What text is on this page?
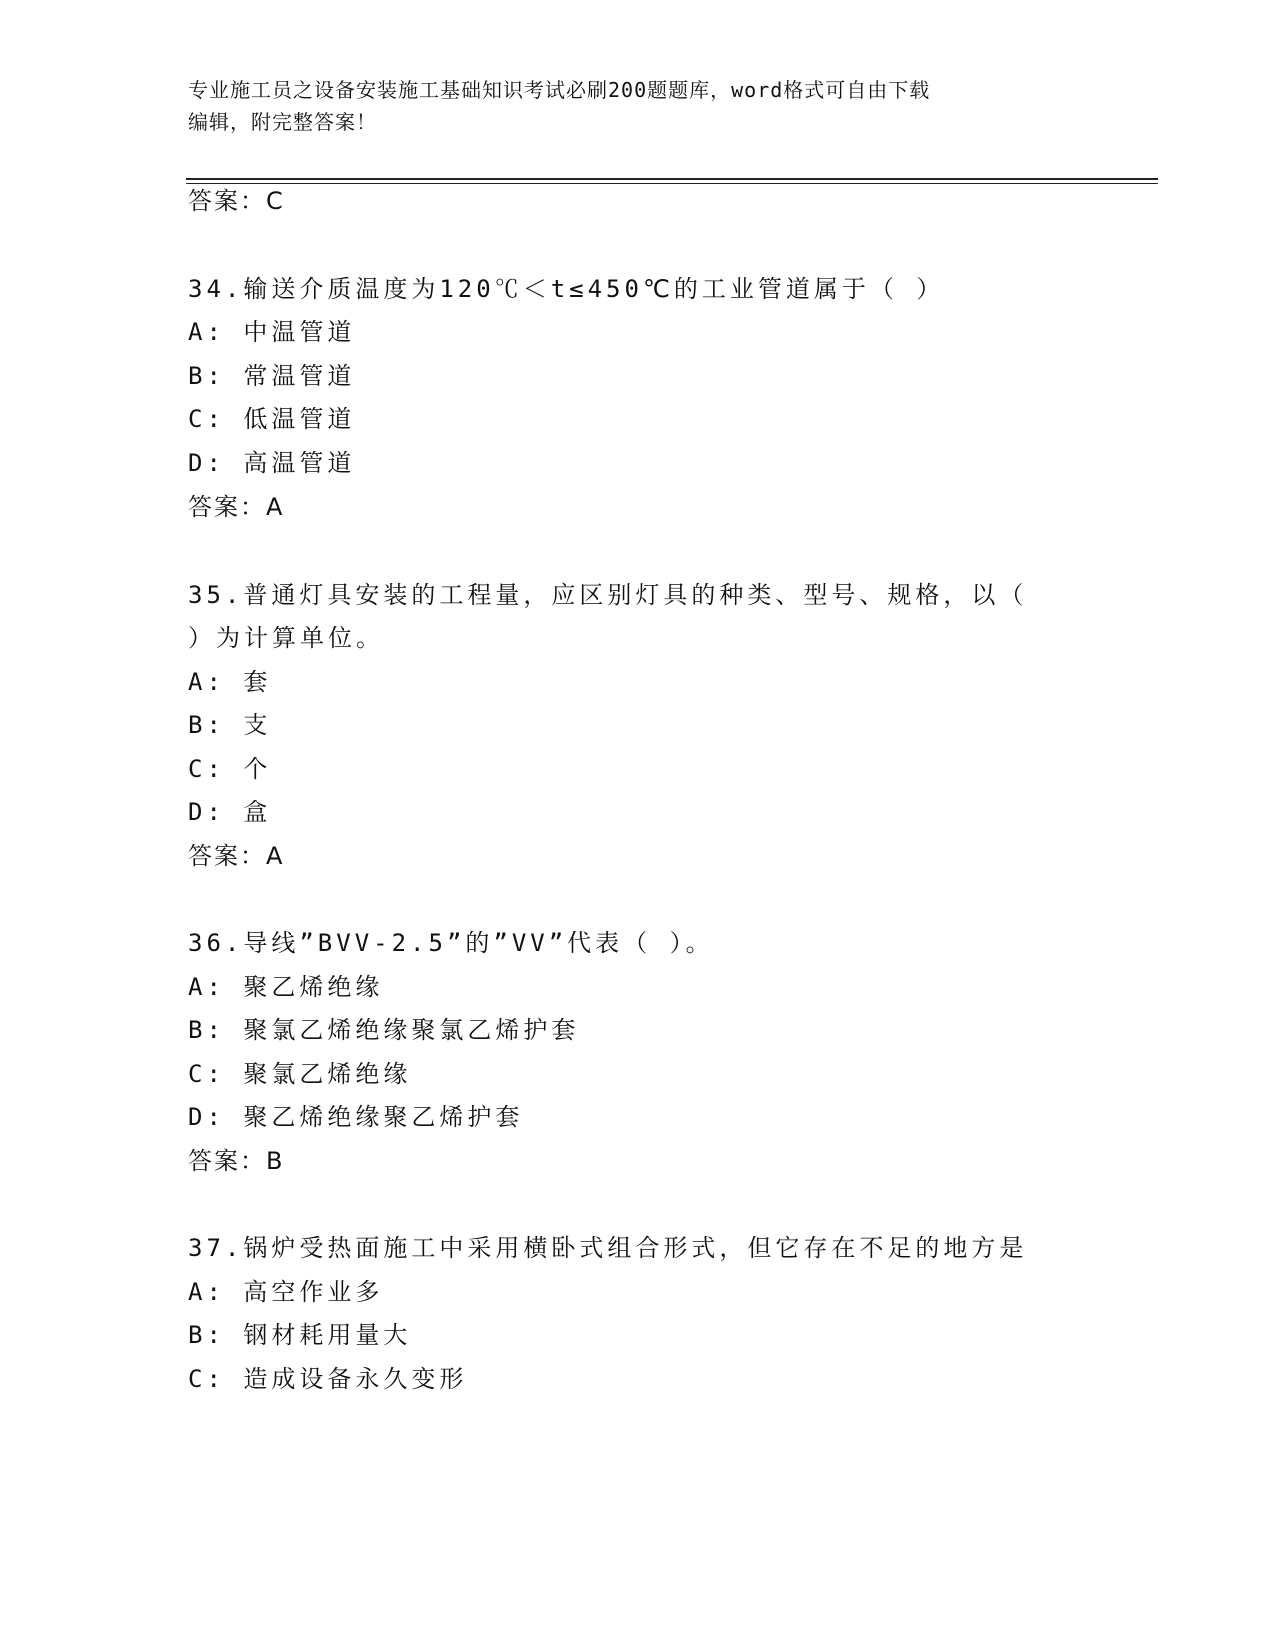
专业施工员之设备安装施工基础知识考试必刷200题题库，word格式可自由下载
编辑，附完整答案！
答案：C
34.输送介质温度为120℃＜t≤450℃的工业管道属于（ ）
A: 中温管道
B: 常温管道
C: 低温管道
D: 高温管道
答案：A
35.普通灯具安装的工程量，应区别灯具的种类、型号、规格，以（
）为计算单位。
A: 套
B: 支
C: 个
D: 盒
答案：A
36.导线”BVV-2.5”的”VV”代表（ ）。
A: 聚乙烯绝缘
B: 聚氯乙烯绝缘聚氯乙烯护套
C: 聚氯乙烯绝缘
D: 聚乙烯绝缘聚乙烯护套
答案：B
37.锅炉受热面施工中采用横卧式组合形式，但它存在不足的地方是
A: 高空作业多
B: 钢材耗用量大
C: 造成设备永久变形
